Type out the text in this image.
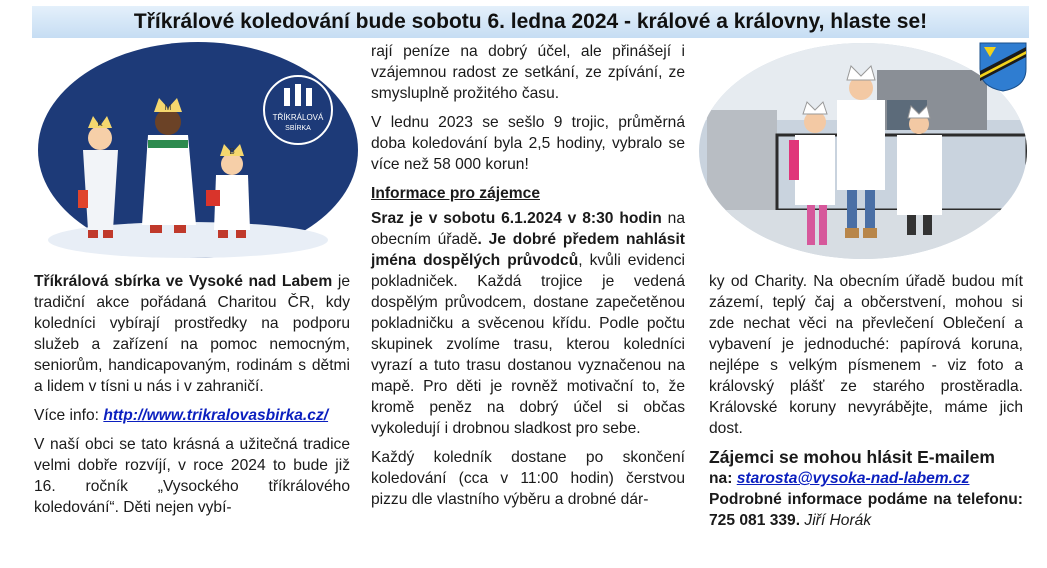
Tříkrálové koledování bude sobotu 6. ledna 2024 - králové a královny, hlaste se!
TŘÍKRÁLOVÁ
SBÍRKA
K
M
B

Tříkrálová sbírka ve Vysoké nad Labem je tradiční akce pořádaná Charitou ČR, kdy koledníci vybírají prostředky na podporu služeb a zařízení na pomoc nemocným, seniorům, handicapovaným, rodinám s dětmi a lidem v tísni u nás i v zahraničí.

Více info: http://www.trikralovasbirka.cz/

V naší obci se tato krásná a užitečná tradice velmi dobře rozvíjí, v roce 2024 to bude již 16. ročník „Vysockého tříkrálového koledování“. Děti nejen vybí-

rají peníze na dobrý účel, ale přinášejí i vzájemnou radost ze setkání, ze zpívání, ze smysluplně prožitého času.

V lednu 2023 se sešlo 9 trojic, průměrná doba koledování byla 2,5 hodiny, vybralo se více než 58 000 korun!

Informace pro zájemce

Sraz je v sobotu 6.1.2024 v 8:30 hodin na obecním úřadě. Je dobré předem nahlásit jména dospělých průvodců, kvůli evidenci pokladniček. Každá trojice je vedená dospělým průvodcem, dostane zapečetěnou pokladničku a svěcenou křídu. Podle počtu skupinek zvolíme trasu, kterou koledníci vyrazí a tuto trasu dostanou vyznačenou na mapě. Pro děti je rovněž motivační to, že kromě peněz na dobrý účel si občas vykoledují i drobnou sladkost pro sebe.

Každý koledník dostane po skončení koledování (cca v 11:00 hodin) čerstvou pizzu dle vlastního výběru a drobné dár-

ky od Charity. Na obecním úřadě budou mít zázemí, teplý čaj a občerstvení, mohou si zde nechat věci na převlečení Oblečení a vybavení je jednoduché: papírová koruna, nejlépe s velkým písmenem - viz foto a královský plášť ze starého prostěradla. Královské koruny nevyrábějte, máme jich dost.

Zájemci se mohou hlásit E-mailem
na: starosta@vysoka-nad-labem.cz
Podrobné informace podáme na telefonu: 725 081 339. Jiří Horák
